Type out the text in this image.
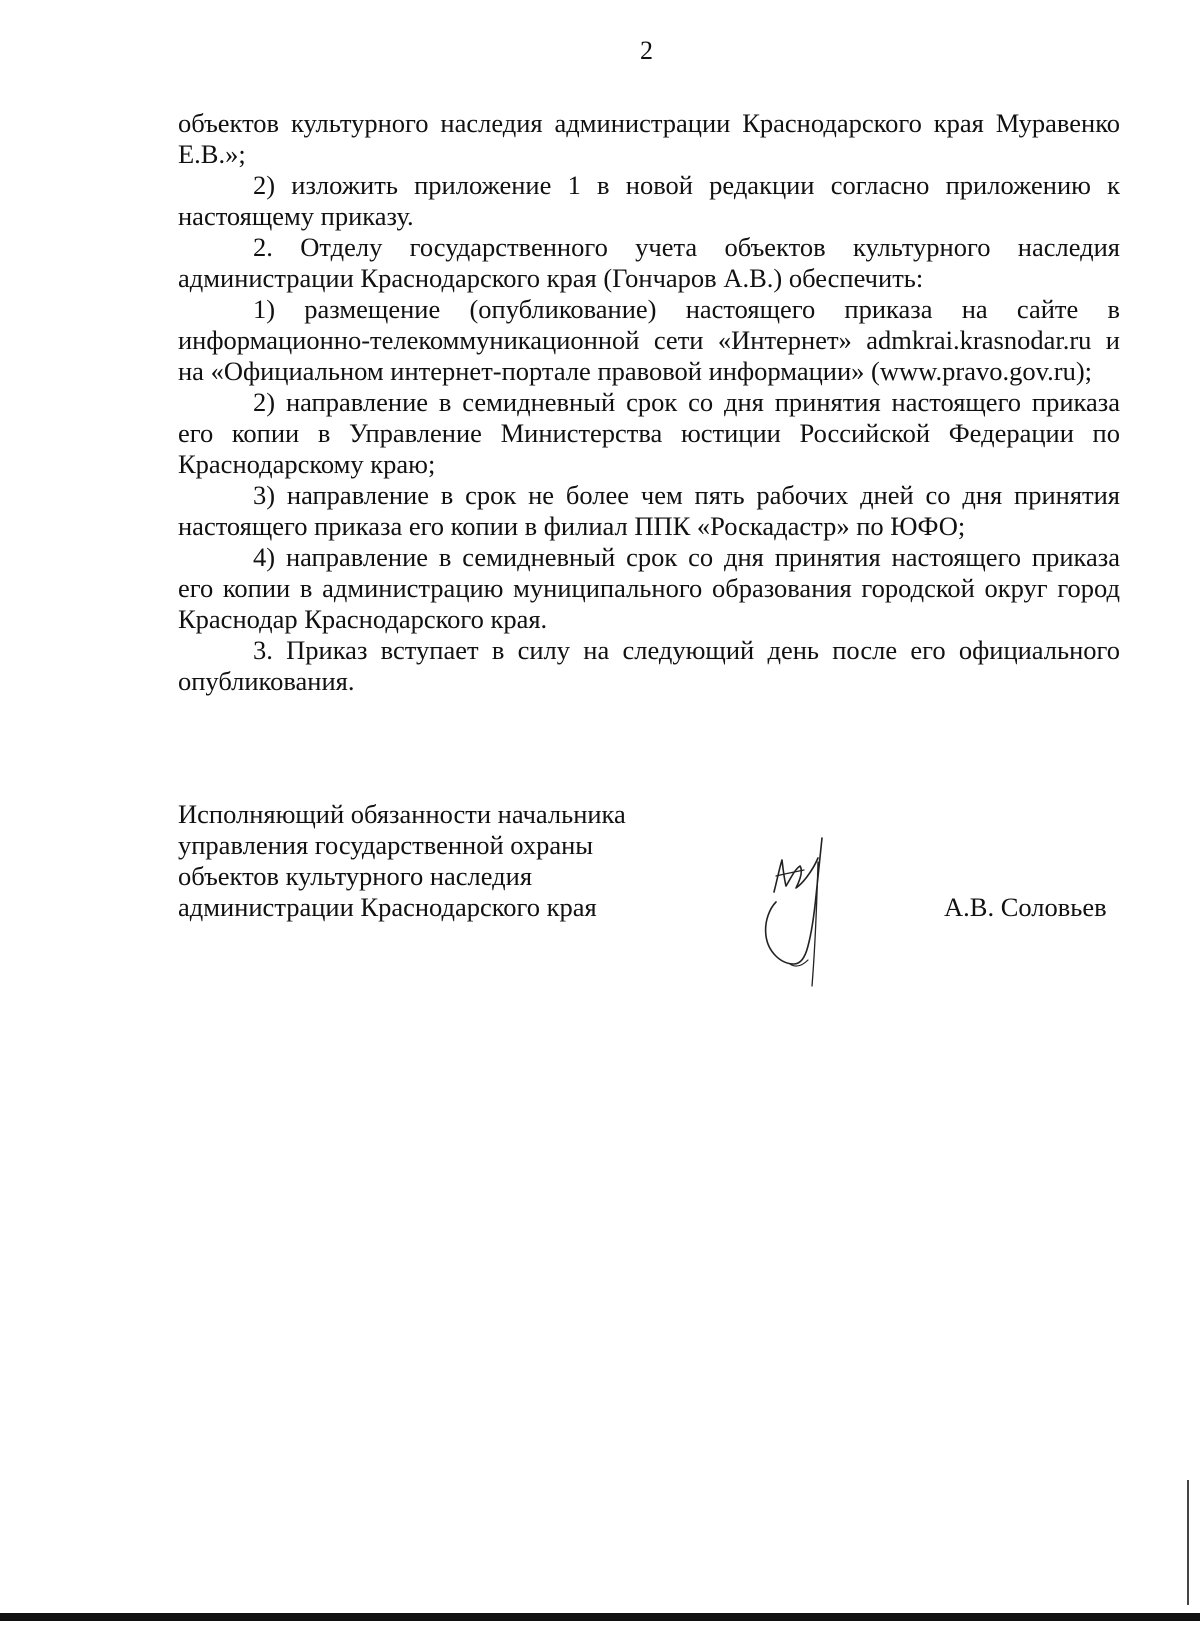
2

объектов культурного наследия администрации Краснодарского края Муравенко Е.В.»;

2) изложить приложение 1 в новой редакции согласно приложению к настоящему приказу.

2. Отделу государственного учета объектов культурного наследия администрации Краснодарского края (Гончаров А.В.) обеспечить:

1) размещение (опубликование) настоящего приказа на сайте в информационно-телекоммуникационной сети «Интернет» admkrai.krasnodar.ru и на «Официальном интернет-портале правовой информации» (www.pravo.gov.ru);

2) направление в семидневный срок со дня принятия настоящего приказа его копии в Управление Министерства юстиции Российской Федерации по Краснодарскому краю;

3) направление в срок не более чем пять рабочих дней со дня принятия настоящего приказа его копии в филиал ППК «Роскадастр» по ЮФО;

4) направление в семидневный срок со дня принятия настоящего приказа его копии в администрацию муниципального образования городской округ город Краснодар Краснодарского края.

3. Приказ вступает в силу на следующий день после его официального опубликования.

Исполняющий обязанности начальника
управления государственной охраны
объектов культурного наследия
администрации Краснодарского края	А.В. Соловьев
